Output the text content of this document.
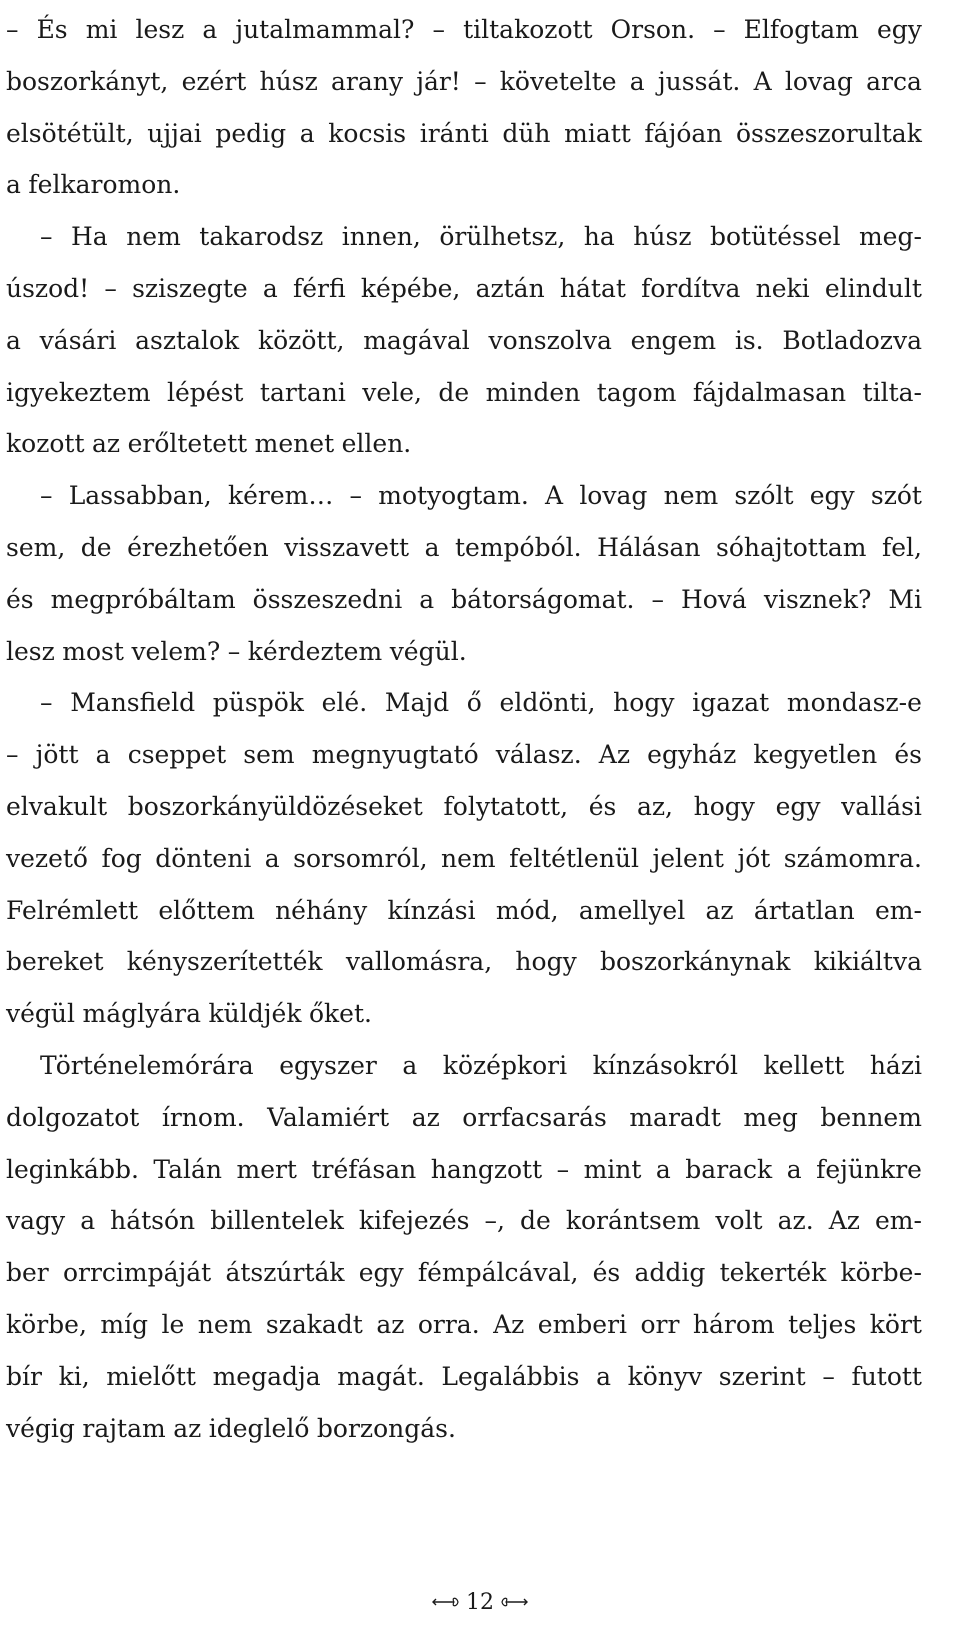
– És mi lesz a jutalmammal? – tiltakozott Orson. – Elfogtam egy
boszorkányt, ezért húsz arany jár! – követelte a jussát. A lovag arca
elsötétült, ujjai pedig a kocsis iránti düh miatt fájóan összeszorultak
a felkaromon.
– Ha nem takarodsz innen, örülhetsz, ha húsz botütéssel meg-
úszod! – sziszegte a férfi képébe, aztán hátat fordítva neki elindult
a vásári asztalok között, magával vonszolva engem is. Botladozva
igyekeztem lépést tartani vele, de minden tagom fájdalmasan tilta-
kozott az erőltetett menet ellen.
– Lassabban, kérem… – motyogtam. A lovag nem szólt egy szót
sem, de érezhetően visszavett a tempóból. Hálásan sóhajtottam fel,
és megpróbáltam összeszedni a bátorságomat. – Hová visznek? Mi
lesz most velem? – kérdeztem végül.
– Mansfield püspök elé. Majd ő eldönti, hogy igazat mondasz-e
– jött a cseppet sem megnyugtató válasz. Az egyház kegyetlen és
elvakult boszorkányüldözéseket folytatott, és az, hogy egy vallási
vezető fog dönteni a sorsomról, nem feltétlenül jelent jót számomra.
Felrémlett előttem néhány kínzási mód, amellyel az ártatlan em-
bereket kényszerítették vallomásra, hogy boszorkánynak kikiáltva
végül máglyára küldjék őket.
Történelemórára egyszer a középkori kínzásokról kellett házi
dolgozatot írnom. Valamiért az orrfacsarás maradt meg bennem
leginkább. Talán mert tréfásan hangzott – mint a barack a fejünkre
vagy a hátsón billentelek kifejezés –, de korántsem volt az. Az em-
ber orrcimpáját átszúrták egy fémpálcával, és addig tekerték körbe-
körbe, míg le nem szakadt az orra. Az emberi orr három teljes kört
bír ki, mielőtt megadja magát. Legalábbis a könyv szerint – futott
végig rajtam az ideglelő borzongás.
12
